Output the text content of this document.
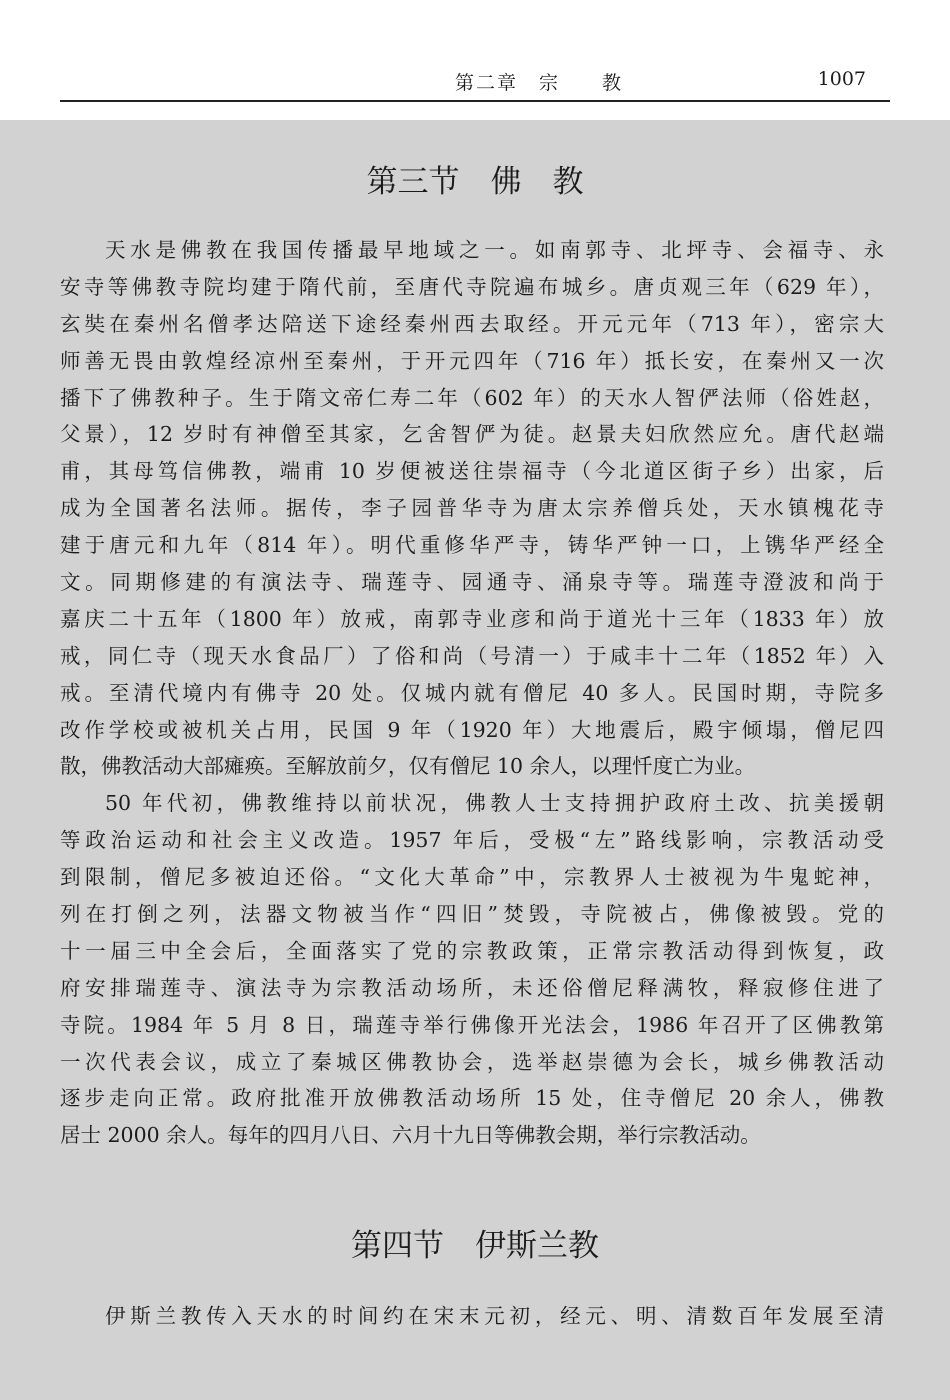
第二章　宗　　教	1007
第三节　佛　教
天水是佛教在我国传播最早地域之一。如南郭寺、北坪寺、会福寺、永
安寺等佛教寺院均建于隋代前，至唐代寺院遍布城乡。唐贞观三年（629 年），
玄奘在秦州名僧孝达陪送下途经秦州西去取经。开元元年（713 年），密宗大
师善无畏由敦煌经凉州至秦州，于开元四年（716 年）抵长安，在秦州又一次
播下了佛教种子。生于隋文帝仁寿二年（602 年）的天水人智俨法师（俗姓赵，
父景），12 岁时有神僧至其家，乞舍智俨为徒。赵景夫妇欣然应允。唐代赵端
甫，其母笃信佛教，端甫 10 岁便被送往崇福寺（今北道区街子乡）出家，后
成为全国著名法师。据传，李子园普华寺为唐太宗养僧兵处，天水镇槐花寺
建于唐元和九年（814 年）。明代重修华严寺，铸华严钟一口，上镌华严经全
文。同期修建的有演法寺、瑞莲寺、园通寺、涌泉寺等。瑞莲寺澄波和尚于
嘉庆二十五年（1800 年）放戒，南郭寺业彦和尚于道光十三年（1833 年）放
戒，同仁寺（现天水食品厂）了俗和尚（号清一）于咸丰十二年（1852 年）入
戒。至清代境内有佛寺 20 处。仅城内就有僧尼 40 多人。民国时期，寺院多
改作学校或被机关占用，民国 9 年（1920 年）大地震后，殿宇倾塌，僧尼四
散，佛教活动大部瘫痪。至解放前夕，仅有僧尼 10 余人，以理忏度亡为业。
50 年代初，佛教维持以前状况，佛教人士支持拥护政府土改、抗美援朝
等政治运动和社会主义改造。1957 年后，受极“左”路线影响，宗教活动受
到限制，僧尼多被迫还俗。“文化大革命”中，宗教界人士被视为牛鬼蛇神，
列在打倒之列，法器文物被当作“四旧”焚毁，寺院被占，佛像被毁。党的
十一届三中全会后，全面落实了党的宗教政策，正常宗教活动得到恢复，政
府安排瑞莲寺、演法寺为宗教活动场所，未还俗僧尼释满牧，释寂修住进了
寺院。1984 年 5 月 8 日，瑞莲寺举行佛像开光法会，1986 年召开了区佛教第
一次代表会议，成立了秦城区佛教协会，选举赵崇德为会长，城乡佛教活动
逐步走向正常。政府批准开放佛教活动场所 15 处，住寺僧尼 20 余人，佛教
居士 2000 余人。每年的四月八日、六月十九日等佛教会期，举行宗教活动。
第四节　伊斯兰教
伊斯兰教传入天水的时间约在宋末元初，经元、明、清数百年发展至清
